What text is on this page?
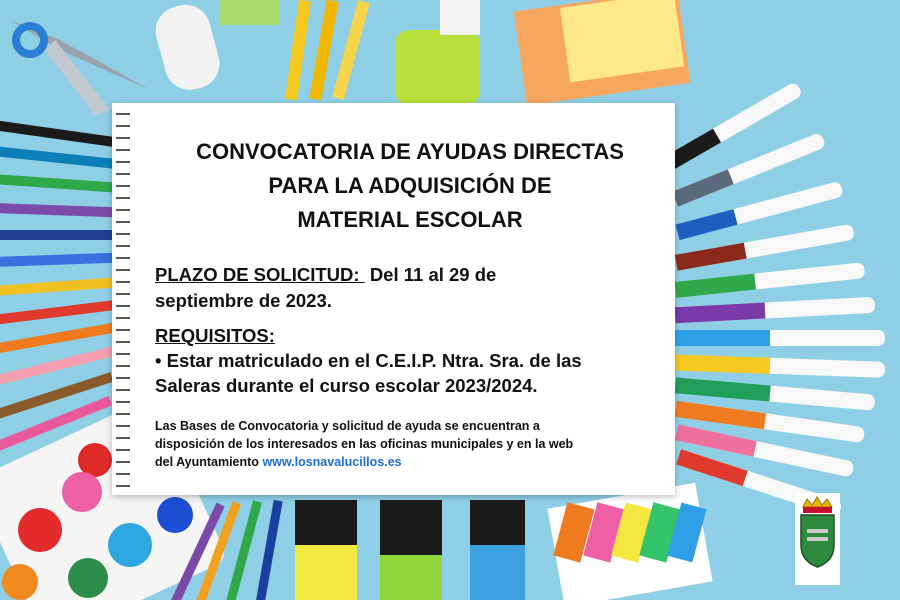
CONVOCATORIA DE AYUDAS DIRECTAS
PARA LA ADQUISICIÓN DE
MATERIAL ESCOLAR
PLAZO DE SOLICITUD: Del 11 al 29 de
septiembre de 2023.
REQUISITOS:
• Estar matriculado en el C.E.I.P. Ntra. Sra. de las
Saleras durante el curso escolar 2023/2024.
Las Bases de Convocatoria y solicitud de ayuda se encuentran a
disposición de los interesados en las oficinas municipales y en la web
del Ayuntamiento www.losnavalucillos.es
